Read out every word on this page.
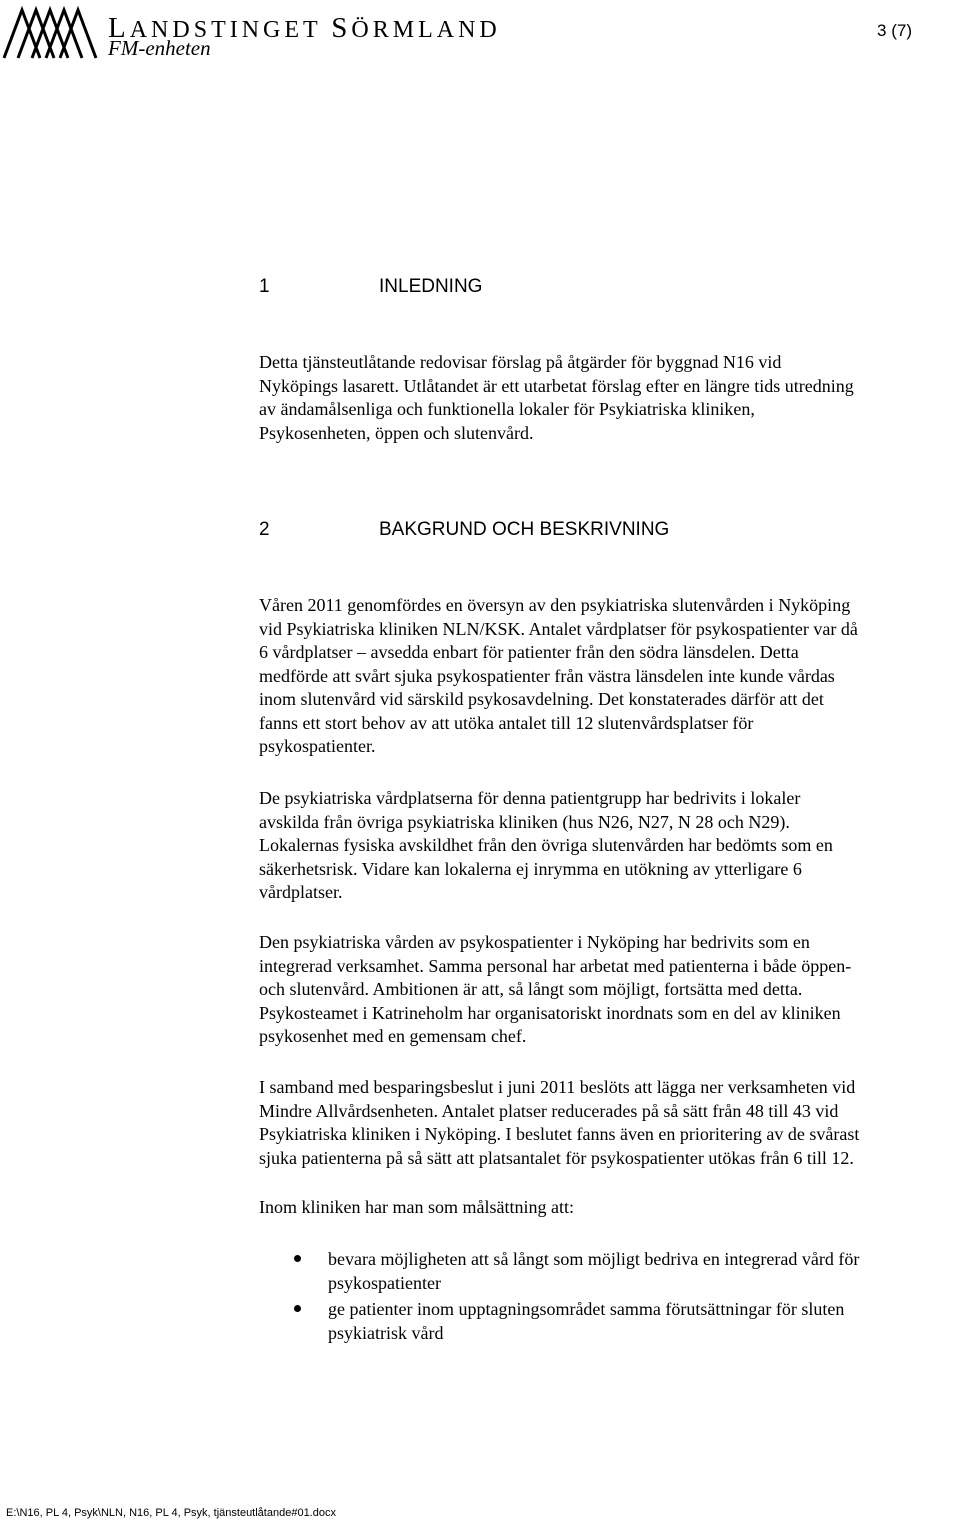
LANDSTINGET SÖRMLAND
FM-enheten
3 (7)
1	INLEDNING
Detta tjänsteutlåtande redovisar förslag på åtgärder för byggnad N16 vid
Nyköpings lasarett. Utlåtandet är ett utarbetat förslag efter en längre tids utredning
av ändamålsenliga och funktionella lokaler för Psykiatriska kliniken,
Psykosenheten, öppen och slutenvård.
2	BAKGRUND OCH BESKRIVNING
Våren 2011 genomfördes en översyn av den psykiatriska slutenvården i Nyköping
vid Psykiatriska kliniken NLN/KSK. Antalet vårdplatser för psykospatienter var då
6 vårdplatser – avsedda enbart för patienter från den södra länsdelen. Detta
medförde att svårt sjuka psykospatienter från västra länsdelen inte kunde vårdas
inom slutenvård vid särskild psykosavdelning. Det konstaterades därför att det
fanns ett stort behov av att utöka antalet till 12 slutenvårdsplatser för
psykospatienter.
De psykiatriska vårdplatserna för denna patientgrupp har bedrivits i lokaler
avskilda från övriga psykiatriska kliniken (hus N26, N27, N 28 och N29).
Lokalernas fysiska avskildhet från den övriga slutenvården har bedömts som en
säkerhetsrisk. Vidare kan lokalerna ej inrymma en utökning av ytterligare 6
vårdplatser.
Den psykiatriska vården av psykospatienter i Nyköping har bedrivits som en
integrerad verksamhet. Samma personal har arbetat med patienterna i både öppen-
och slutenvård. Ambitionen är att, så långt som möjligt, fortsätta med detta.
Psykosteamet i Katrineholm har organisatoriskt inordnats som en del av kliniken
psykosenhet med en gemensam chef.
I samband med besparingsbeslut i juni 2011 beslöts att lägga ner verksamheten vid
Mindre Allvårdsenheten. Antalet platser reducerades på så sätt från 48 till 43 vid
Psykiatriska kliniken i Nyköping. I beslutet fanns även en prioritering av de svårast
sjuka patienterna på så sätt att platsantalet för psykospatienter utökas från 6 till 12.
Inom kliniken har man som målsättning att:
bevara möjligheten att så långt som möjligt bedriva en integrerad vård för
psykospatienter
ge patienter inom upptagningsområdet samma förutsättningar för sluten
psykiatrisk vård
E:\N16, PL 4, Psyk\NLN, N16, PL 4, Psyk, tjänsteutlåtande#01.docx
